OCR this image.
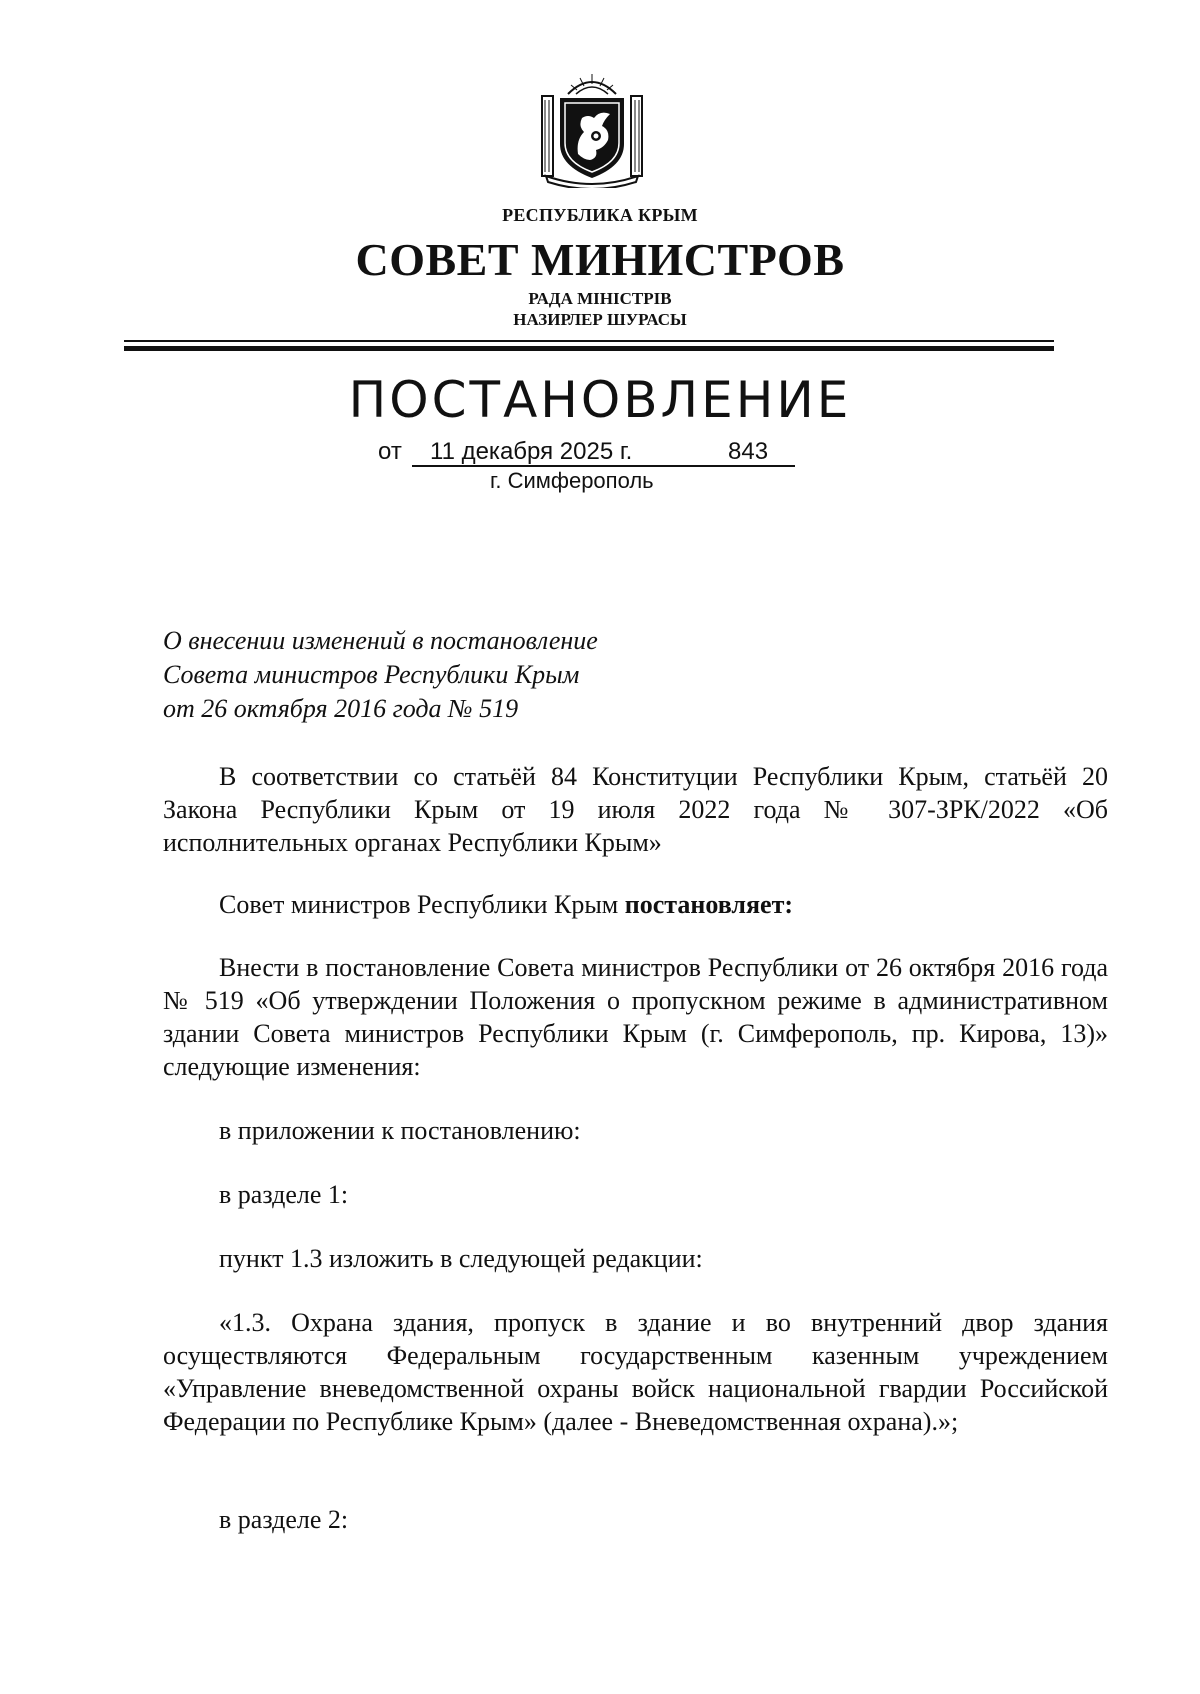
РЕСПУБЛИКА КРЫМ
СОВЕТ МИНИСТРОВ
РАДА МІНІСТРІВ
НАЗИРЛЕР ШУРАСЫ
ПОСТАНОВЛЕНИЕ
от 11 декабря 2025 г.	843
г. Симферополь
О внесении изменений в постановление
Совета министров Республики Крым
от 26 октября 2016 года № 519
В соответствии со статьёй 84 Конституции Республики Крым, статьёй 20 Закона Республики Крым от 19 июля 2022 года № 307-ЗРК/2022 «Об исполнительных органах Республики Крым»
Совет министров Республики Крым постановляет:
Внести в постановление Совета министров Республики от 26 октября 2016 года № 519 «Об утверждении Положения о пропускном режиме в административном здании Совета министров Республики Крым (г. Симферополь, пр. Кирова, 13)» следующие изменения:
в приложении к постановлению:
в разделе 1:
пункт 1.3 изложить в следующей редакции:
«1.3. Охрана здания, пропуск в здание и во внутренний двор здания осуществляются Федеральным государственным казенным учреждением «Управление вневедомственной охраны войск национальной гвардии Российской Федерации по Республике Крым» (далее - Вневедомственная охрана).»;
в разделе 2:
